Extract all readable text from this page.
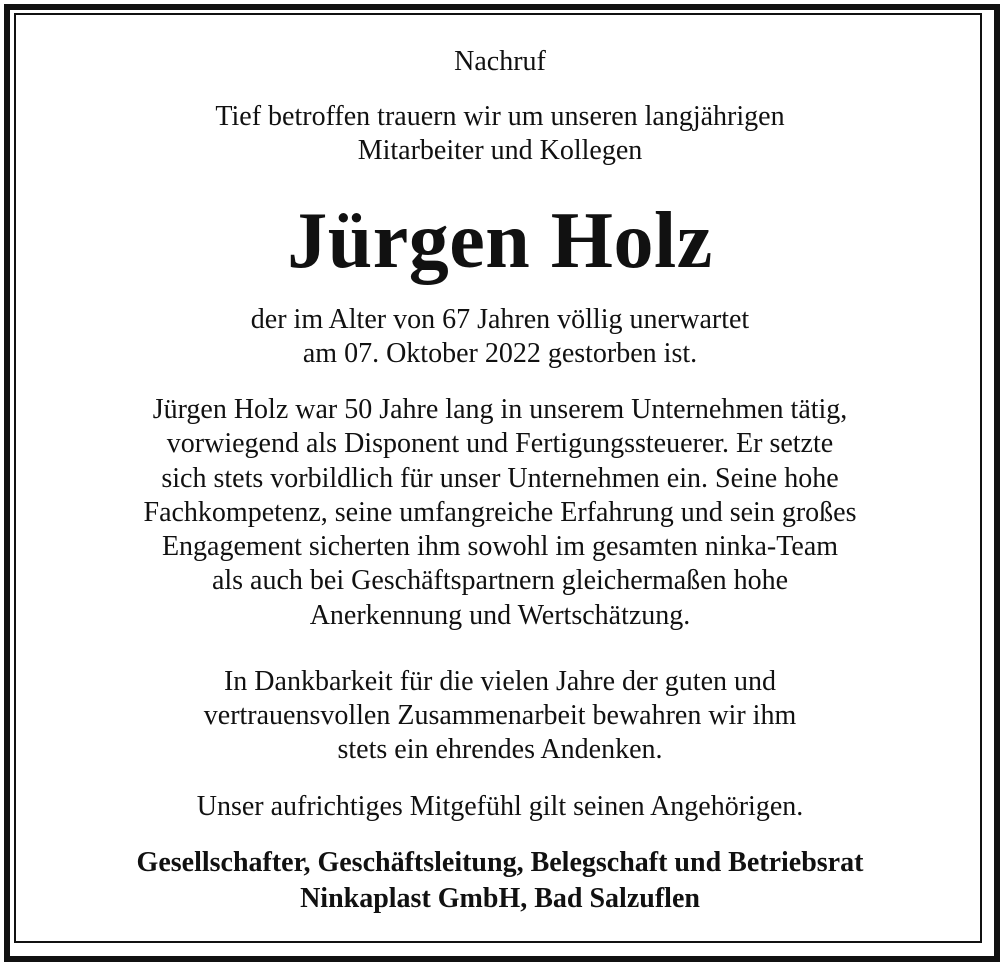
Nachruf
Tief betroffen trauern wir um unseren langjährigen
Mitarbeiter und Kollegen
Jürgen Holz
der im Alter von 67 Jahren völlig unerwartet
am 07. Oktober 2022 gestorben ist.
Jürgen Holz war 50 Jahre lang in unserem Unternehmen tätig,
vorwiegend als Disponent und Fertigungssteuerer. Er setzte
sich stets vorbildlich für unser Unternehmen ein. Seine hohe
Fachkompetenz, seine umfangreiche Erfahrung und sein großes
Engagement sicherten ihm sowohl im gesamten ninka-Team
als auch bei Geschäftspartnern gleichermaßen hohe
Anerkennung und Wertschätzung.
In Dankbarkeit für die vielen Jahre der guten und
vertrauensvollen Zusammenarbeit bewahren wir ihm
stets ein ehrendes Andenken.
Unser aufrichtiges Mitgefühl gilt seinen Angehörigen.
Gesellschafter, Geschäftsleitung, Belegschaft und Betriebsrat
Ninkaplast GmbH, Bad Salzuflen
